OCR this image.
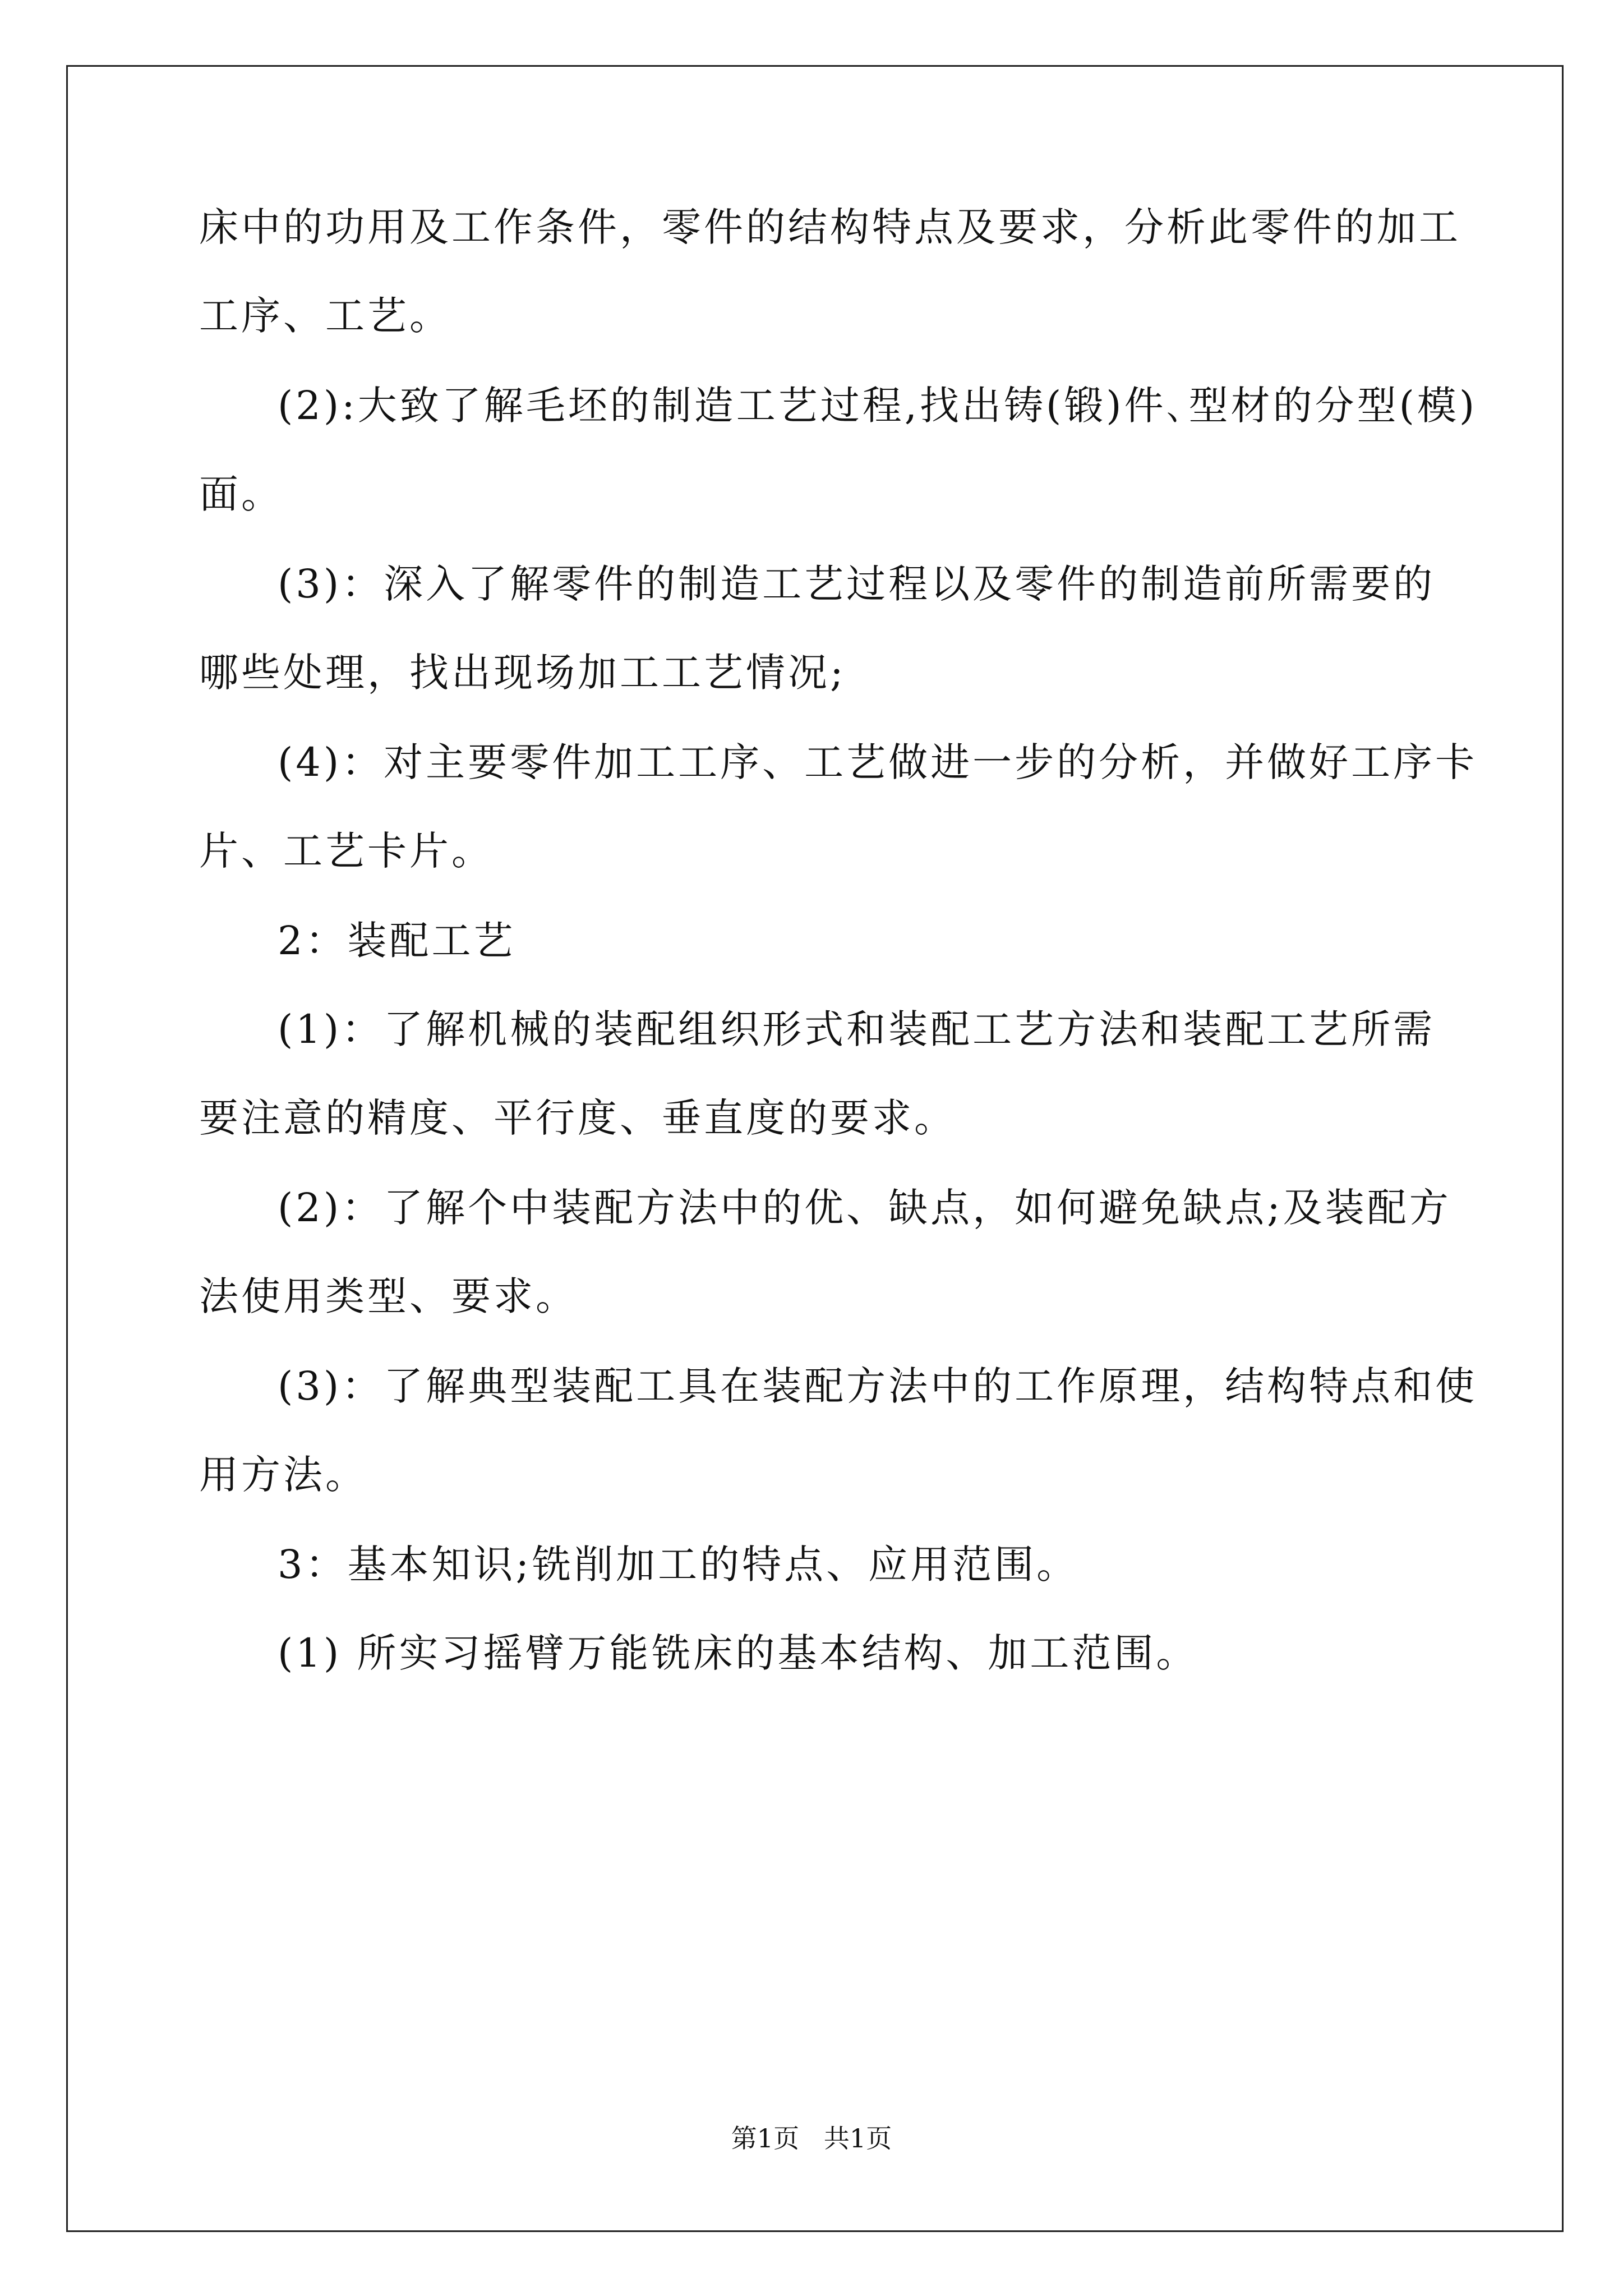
床中的功用及工作条件，零件的结构特点及要求，分析此零件的加工
工序、工艺。
(2):大致了解毛坯的制造工艺过程,找出铸(锻)件､型材的分型(模)
面。
(3)：深入了解零件的制造工艺过程以及零件的制造前所需要的
哪些处理，找出现场加工工艺情况;
(4)：对主要零件加工工序、工艺做进一步的分析，并做好工序卡
片、工艺卡片。
2：装配工艺
(1)：了解机械的装配组织形式和装配工艺方法和装配工艺所需
要注意的精度、平行度、垂直度的要求。
(2)：了解个中装配方法中的优、缺点，如何避免缺点;及装配方
法使用类型、要求。
(3)：了解典型装配工具在装配方法中的工作原理，结构特点和使
用方法。
3：基本知识;铣削加工的特点、应用范围。
(1) 所实习摇臂万能铣床的基本结构、加工范围。
第1页   共1页
